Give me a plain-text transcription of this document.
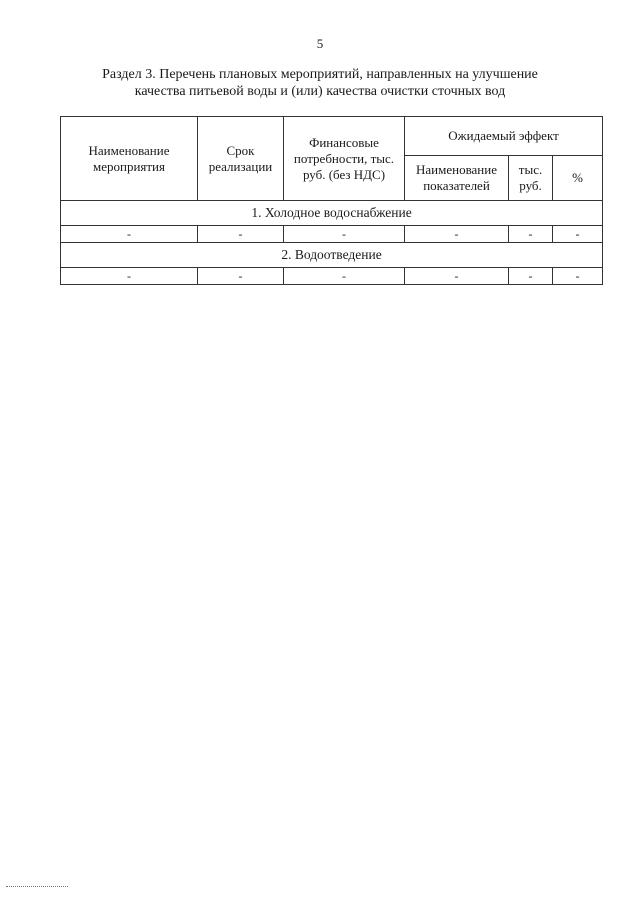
5
Раздел 3. Перечень плановых мероприятий, направленных на улучшение
качества питьевой воды и (или) качества очистки сточных вод
Наименование мероприятия	Срок реализации	Финансовые потребности, тыс. руб. (без НДС)	Ожидаемый эффект		
			Наименование показателей	тыс. руб.	%
1. Холодное водоснабжение					
-	-	-	-	-	-
2. Водоотведение					
-	-	-	-	-	-
